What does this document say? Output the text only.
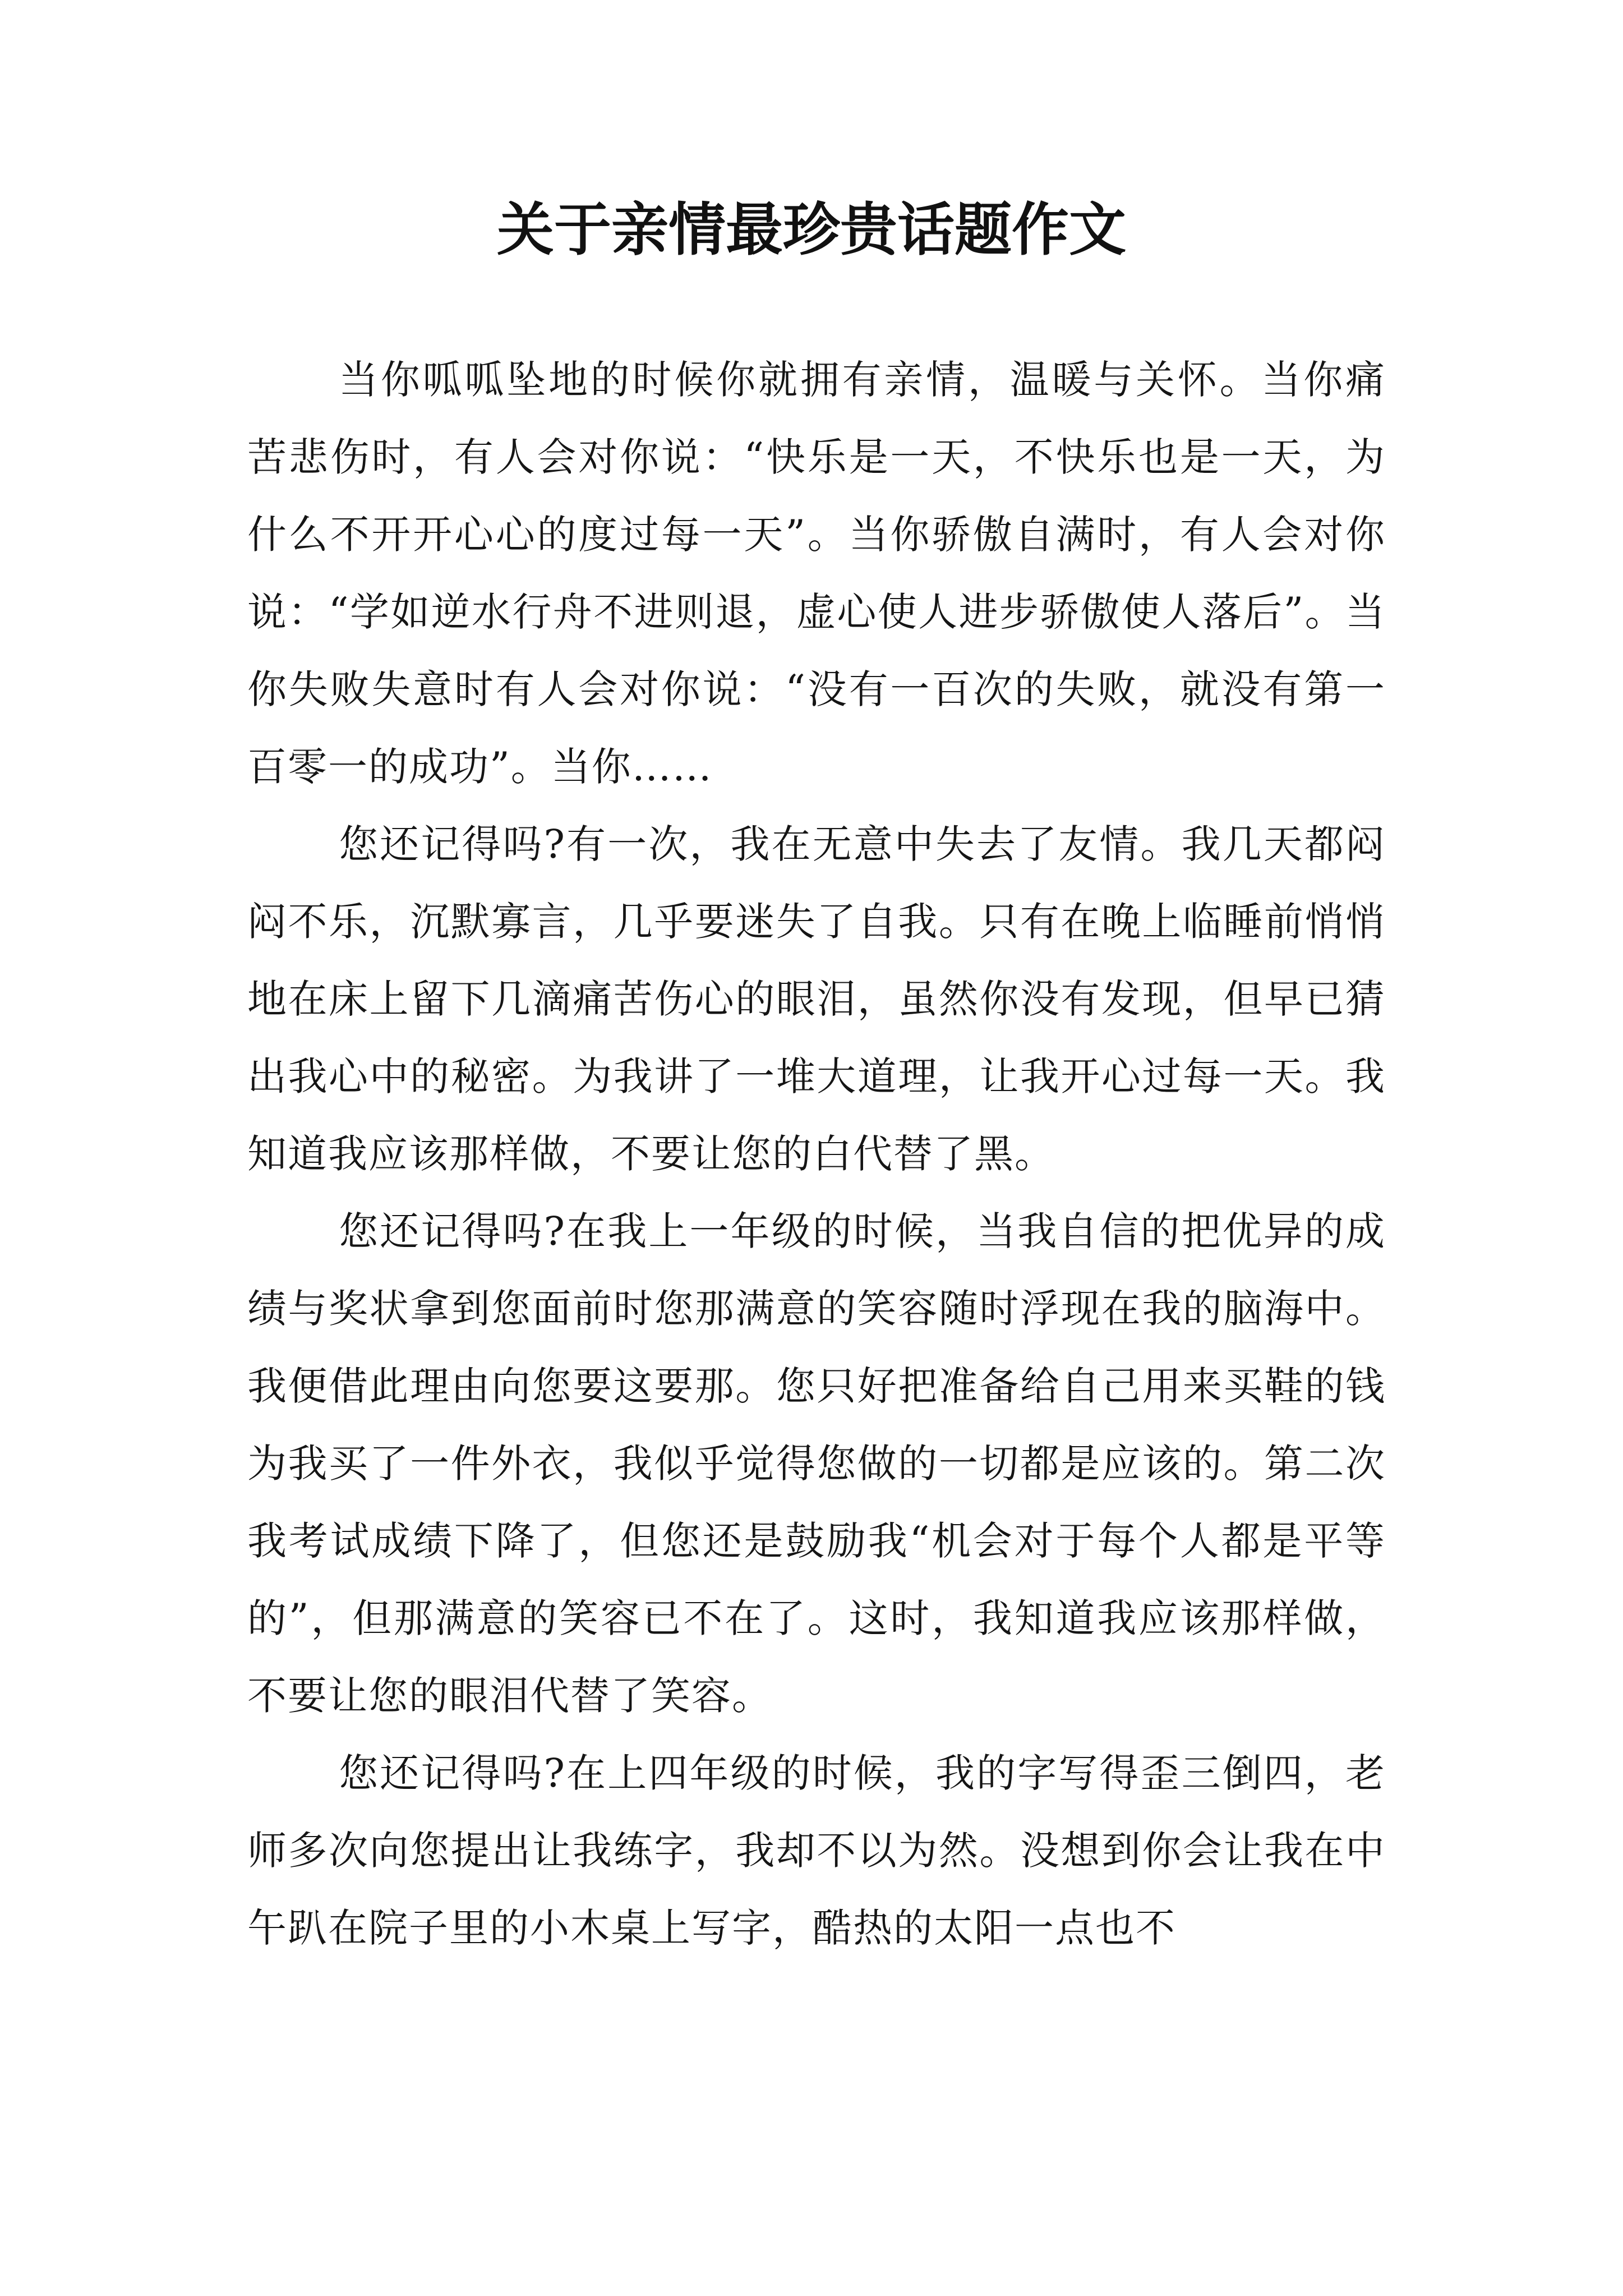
关于亲情最珍贵话题作文

当你呱呱坠地的时候你就拥有亲情，温暖与关怀。当你痛苦悲伤时，有人会对你说：“快乐是一天，不快乐也是一天，为什么不开开心心的度过每一天”。当你骄傲自满时，有人会对你说：“学如逆水行舟不进则退，虚心使人进步骄傲使人落后”。当你失败失意时有人会对你说：“没有一百次的失败，就没有第一百零一的成功”。当你……

您还记得吗?有一次，我在无意中失去了友情。我几天都闷闷不乐，沉默寡言，几乎要迷失了自我。只有在晚上临睡前悄悄地在床上留下几滴痛苦伤心的眼泪，虽然你没有发现，但早已猜出我心中的秘密。为我讲了一堆大道理，让我开心过每一天。我知道我应该那样做，不要让您的白代替了黑。

您还记得吗?在我上一年级的时候，当我自信的把优异的成绩与奖状拿到您面前时您那满意的笑容随时浮现在我的脑海中。我便借此理由向您要这要那。您只好把准备给自己用来买鞋的钱为我买了一件外衣，我似乎觉得您做的一切都是应该的。第二次我考试成绩下降了，但您还是鼓励我“机会对于每个人都是平等的”，但那满意的笑容已不在了。这时，我知道我应该那样做，不要让您的眼泪代替了笑容。

您还记得吗?在上四年级的时候，我的字写得歪三倒四，老师多次向您提出让我练字，我却不以为然。没想到你会让我在中午趴在院子里的小木桌上写字，酷热的太阳一点也不
